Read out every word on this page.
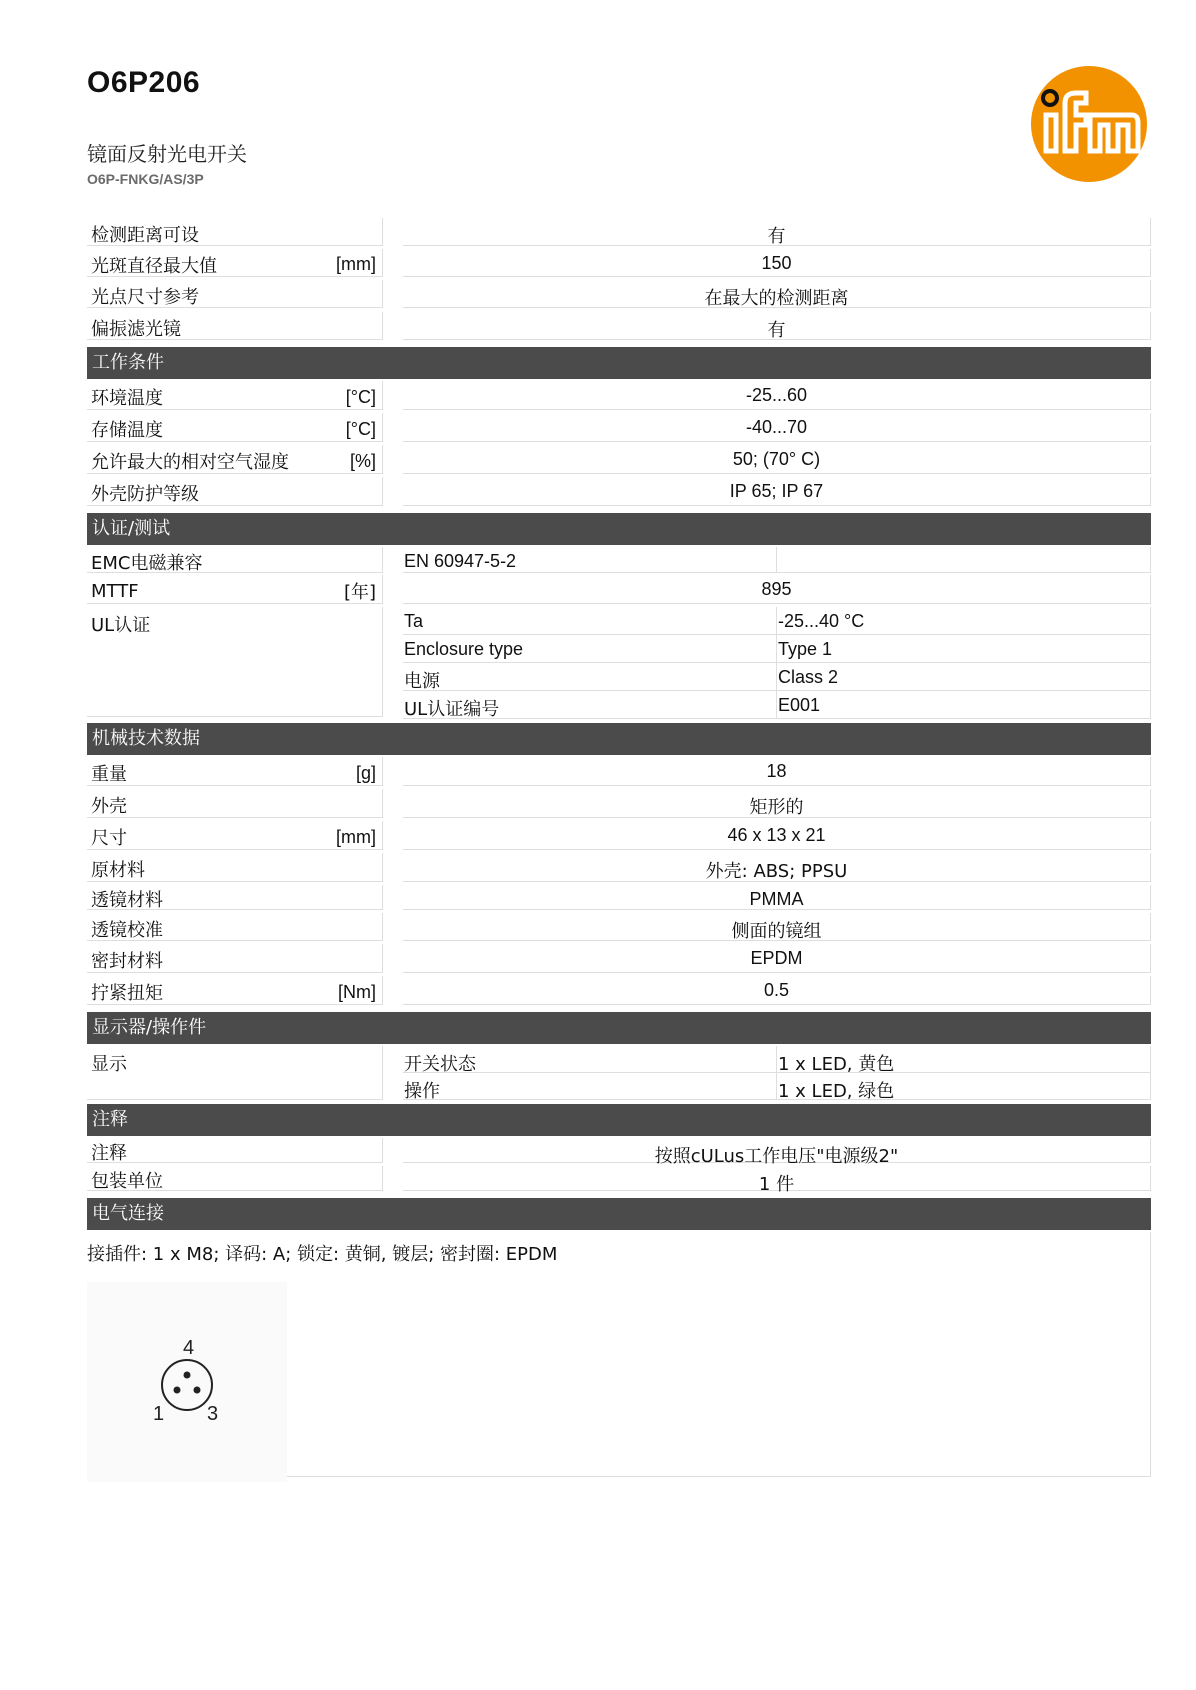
O6P206
镜面反射光电开关
O6P-FNKG/AS/3P	ifm
检测距离可设	有
光斑直径最大值	[mm]	150
光点尺寸参考	在最大的检测距离
偏振滤光镜	有
工作条件
环境温度	[°C]	-25...60
存储温度	[°C]	-40...70
允许最大的相对空气湿度	[%]	50; (70° C)
外壳防护等级	IP 65; IP 67
认证/测试
EMC电磁兼容	EN 60947-5-2
MTTF	[年]	895
UL认证	Ta	-25...40 °C
Enclosure type	Type 1
电源	Class 2
UL认证编号	E001
机械技术数据
重量	[g]	18
外壳	矩形的
尺寸	[mm]	46 x 13 x 21
原材料	外壳: ABS; PPSU
透镜材料	PMMA
透镜校准	侧面的镜组
密封材料	EPDM
拧紧扭矩	[Nm]	0.5
显示器/操作件
显示	开关状态	1 x LED, 黄色
操作	1 x LED, 绿色
注释
注释	按照cULus工作电压"电源级2"
包装单位	1 件
电气连接
接插件: 1 x M8; 译码: A; 锁定: 黄铜, 镀层; 密封圈: EPDM
4
1 3
